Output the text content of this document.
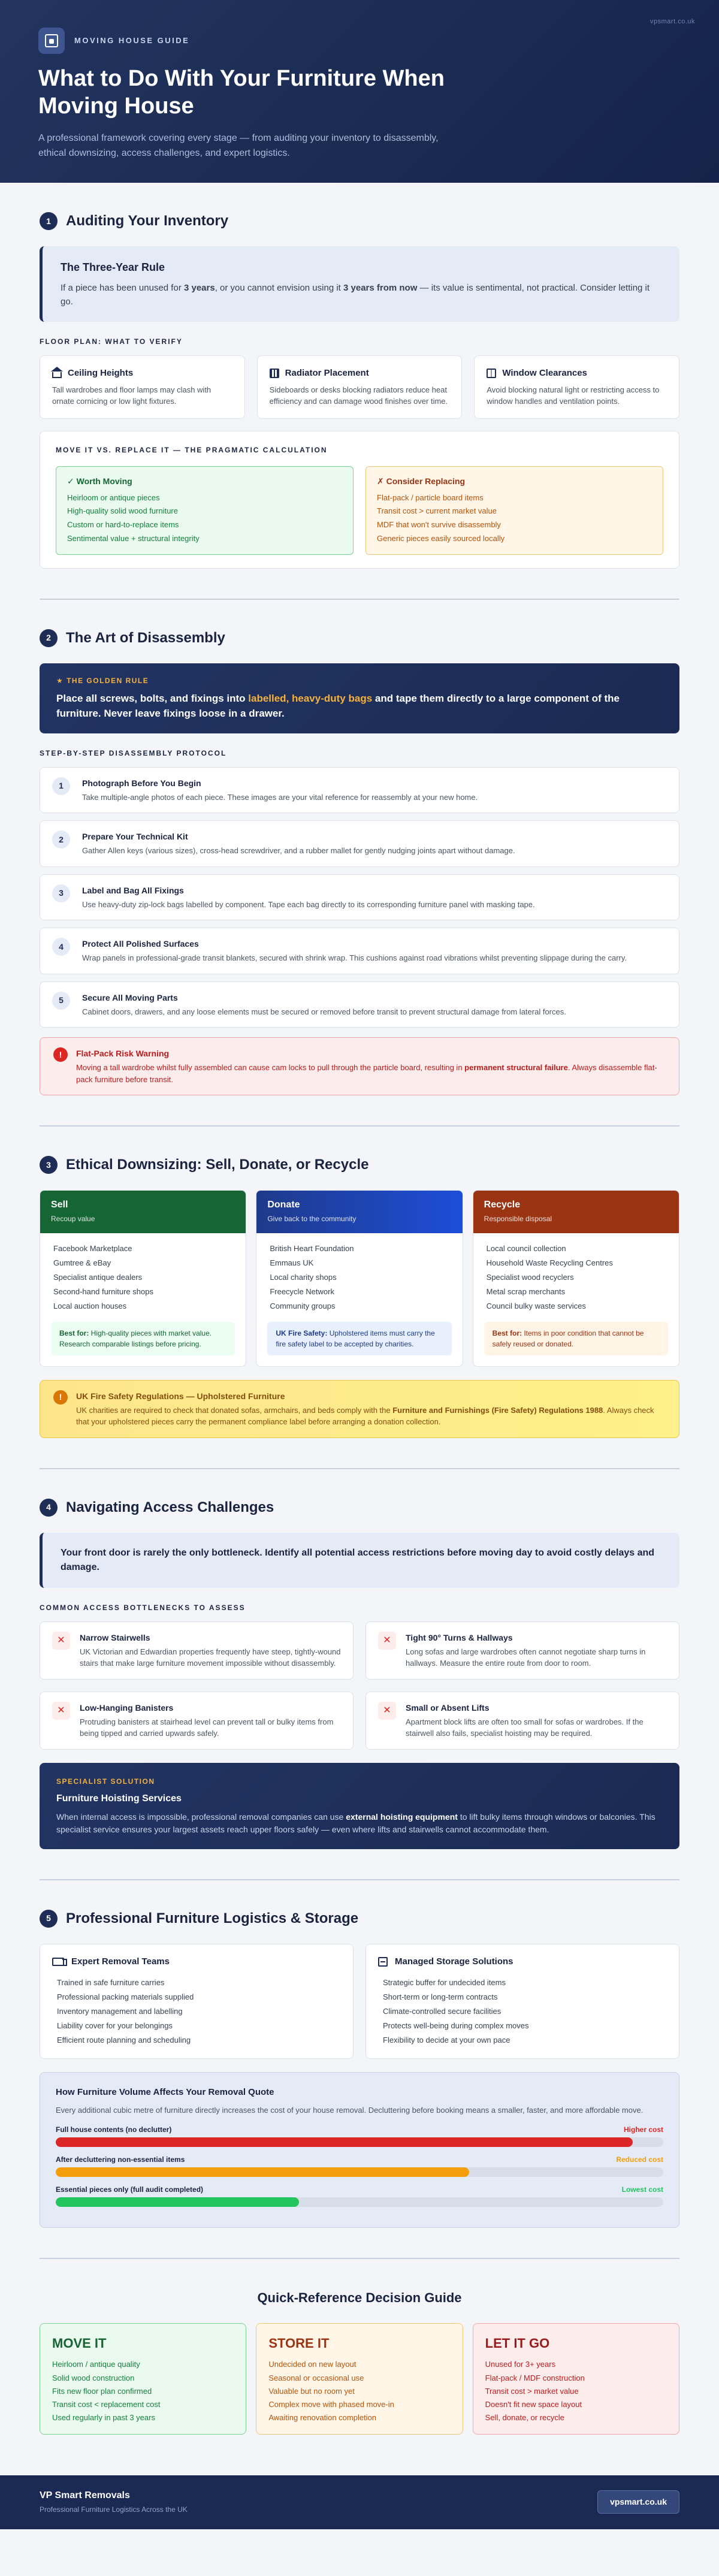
vpsmart.co.uk
MOVING HOUSE GUIDE
What to Do With Your Furniture When Moving House

A professional framework covering every stage — from auditing your inventory to disassembly, ethical downsizing, access challenges, and expert logistics.

1	Auditing Your Inventory
The Three-Year Rule

If a piece has been unused for 3 years, or you cannot envision using it 3 years from now — its value is sentimental, not practical. Consider letting it go.

FLOOR PLAN: WHAT TO VERIFY
Ceiling Heights

Tall wardrobes and floor lamps may clash with ornate cornicing or low light fixtures.

Radiator Placement

Sideboards or desks blocking radiators reduce heat efficiency and can damage wood finishes over time.

Window Clearances

Avoid blocking natural light or restricting access to window handles and ventilation points.

MOVE IT VS. REPLACE IT — THE PRAGMATIC CALCULATION
✓ Worth Moving
Heirloom or antique pieces
High-quality solid wood furniture
Custom or hard-to-replace items
Sentimental value + structural integrity
✗ Consider Replacing
Flat-pack / particle board items
Transit cost > current market value
MDF that won't survive disassembly
Generic pieces easily sourced locally
2	The Art of Disassembly
★ THE GOLDEN RULE

Place all screws, bolts, and fixings into labelled, heavy-duty bags and tape them directly to a large component of the furniture. Never leave fixings loose in a drawer.

STEP-BY-STEP DISASSEMBLY PROTOCOL
1	Photograph Before You Begin

Take multiple-angle photos of each piece. These images are your vital reference for reassembly at your new home.

2	Prepare Your Technical Kit

Gather Allen keys (various sizes), cross-head screwdriver, and a rubber mallet for gently nudging joints apart without damage.

3	Label and Bag All Fixings

Use heavy-duty zip-lock bags labelled by component. Tape each bag directly to its corresponding furniture panel with masking tape.

4	Protect All Polished Surfaces

Wrap panels in professional-grade transit blankets, secured with shrink wrap. This cushions against road vibrations whilst preventing slippage during the carry.

5	Secure All Moving Parts

Cabinet doors, drawers, and any loose elements must be secured or removed before transit to prevent structural damage from lateral forces.

!	Flat-Pack Risk Warning

Moving a tall wardrobe whilst fully assembled can cause cam locks to pull through the particle board, resulting in permanent structural failure. Always disassemble flat-pack furniture before transit.

3	Ethical Downsizing: Sell, Donate, or Recycle
Sell
Recoup value
Facebook Marketplace
Gumtree & eBay
Specialist antique dealers
Second-hand furniture shops
Local auction houses
Best for: High-quality pieces with market value. Research comparable listings before pricing.
Donate
Give back to the community
British Heart Foundation
Emmaus UK
Local charity shops
Freecycle Network
Community groups
UK Fire Safety: Upholstered items must carry the fire safety label to be accepted by charities.
Recycle
Responsible disposal
Local council collection
Household Waste Recycling Centres
Specialist wood recyclers
Metal scrap merchants
Council bulky waste services
Best for: Items in poor condition that cannot be safely reused or donated.
!	UK Fire Safety Regulations — Upholstered Furniture

UK charities are required to check that donated sofas, armchairs, and beds comply with the Furniture and Furnishings (Fire Safety) Regulations 1988. Always check that your upholstered pieces carry the permanent compliance label before arranging a donation collection.

4	Navigating Access Challenges

Your front door is rarely the only bottleneck. Identify all potential access restrictions before moving day to avoid costly delays and damage.

COMMON ACCESS BOTTLENECKS TO ASSESS
✕	Narrow Stairwells

UK Victorian and Edwardian properties frequently have steep, tightly-wound stairs that make large furniture movement impossible without disassembly.

✕	Tight 90° Turns & Hallways

Long sofas and large wardrobes often cannot negotiate sharp turns in hallways. Measure the entire route from door to room.

✕	Low-Hanging Banisters

Protruding banisters at stairhead level can prevent tall or bulky items from being tipped and carried upwards safely.

✕	Small or Absent Lifts

Apartment block lifts are often too small for sofas or wardrobes. If the stairwell also fails, specialist hoisting may be required.

SPECIALIST SOLUTION
Furniture Hoisting Services

When internal access is impossible, professional removal companies can use external hoisting equipment to lift bulky items through windows or balconies. This specialist service ensures your largest assets reach upper floors safely — even where lifts and stairwells cannot accommodate them.

5	Professional Furniture Logistics & Storage
Expert Removal Teams
Trained in safe furniture carries
Professional packing materials supplied
Inventory management and labelling
Liability cover for your belongings
Efficient route planning and scheduling
Managed Storage Solutions
Strategic buffer for undecided items
Short-term or long-term contracts
Climate-controlled secure facilities
Protects well-being during complex moves
Flexibility to decide at your own pace
How Furniture Volume Affects Your Removal Quote

Every additional cubic metre of furniture directly increases the cost of your house removal. Decluttering before booking means a smaller, faster, and more affordable move.

Full house contents (no declutter)	Higher cost
After decluttering non-essential items	Reduced cost
Essential pieces only (full audit completed)	Lowest cost
Quick-Reference Decision Guide
MOVE IT
Heirloom / antique quality
Solid wood construction
Fits new floor plan confirmed
Transit cost < replacement cost
Used regularly in past 3 years
STORE IT
Undecided on new layout
Seasonal or occasional use
Valuable but no room yet
Complex move with phased move-in
Awaiting renovation completion
LET IT GO
Unused for 3+ years
Flat-pack / MDF construction
Transit cost > market value
Doesn't fit new space layout
Sell, donate, or recycle
VP Smart Removals
Professional Furniture Logistics Across the UK
vpsmart.co.uk
